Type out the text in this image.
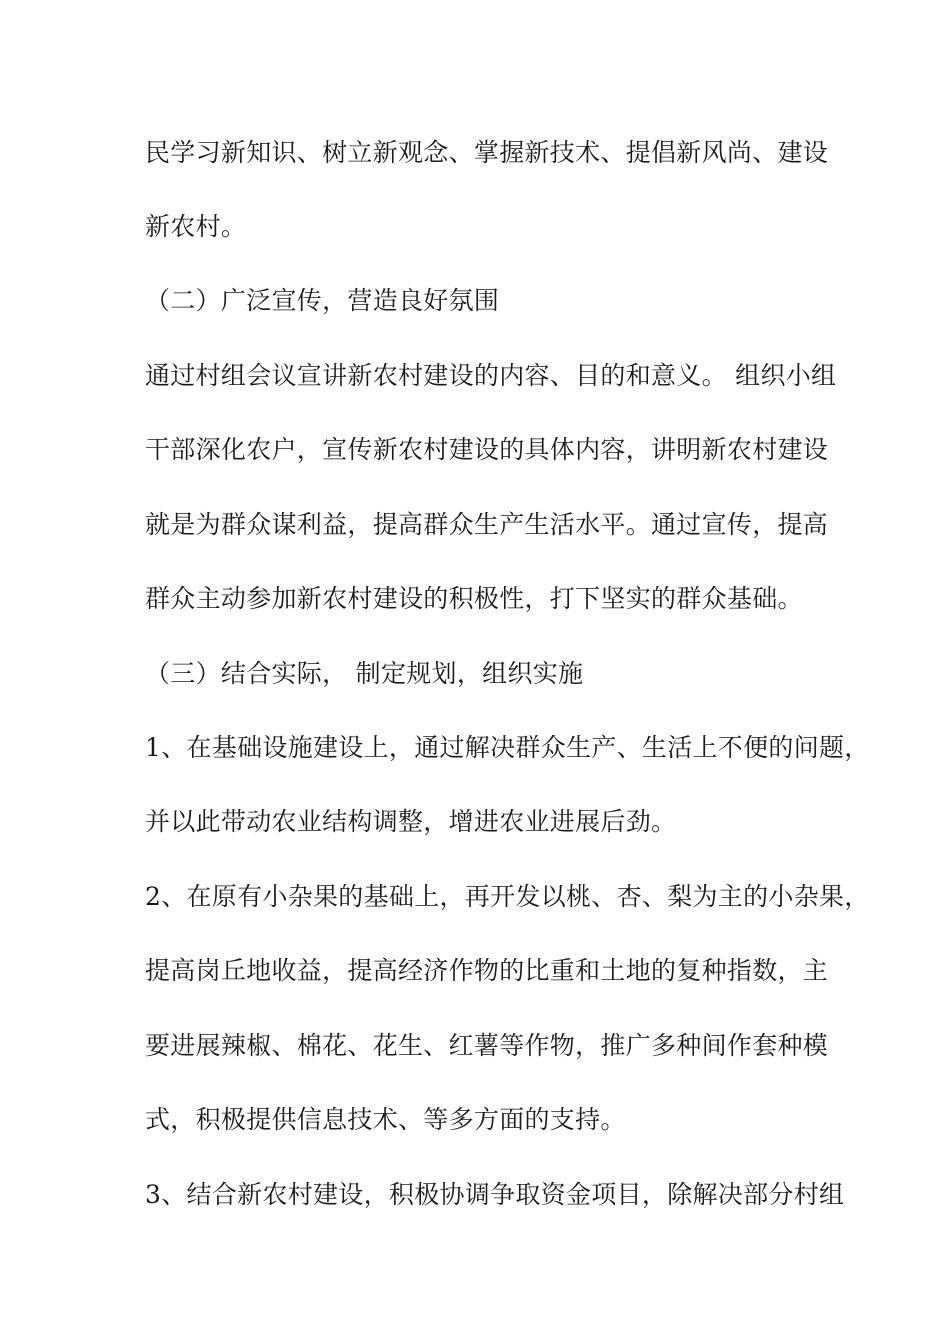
民学习新知识、树立新观念、掌握新技术、提倡新风尚、建设
新农村。
（二）广泛宣传，营造良好氛围
通过村组会议宣讲新农村建设的内容、目的和意义。 组织小组
干部深化农户，宣传新农村建设的具体内容，讲明新农村建设
就是为群众谋利益，提高群众生产生活水平。通过宣传，提高
群众主动参加新农村建设的积极性，打下坚实的群众基础。
（三）结合实际， 制定规划，组织实施
1、在基础设施建设上，通过解决群众生产、生活上不便的问题，
并以此带动农业结构调整，增进农业进展后劲。
2、在原有小杂果的基础上，再开发以桃、杏、梨为主的小杂果，
提高岗丘地收益，提高经济作物的比重和土地的复种指数，主
要进展辣椒、棉花、花生、红薯等作物，推广多种间作套种模
式，积极提供信息技术、等多方面的支持。
3、结合新农村建设，积极协调争取资金项目，除解决部分村组
